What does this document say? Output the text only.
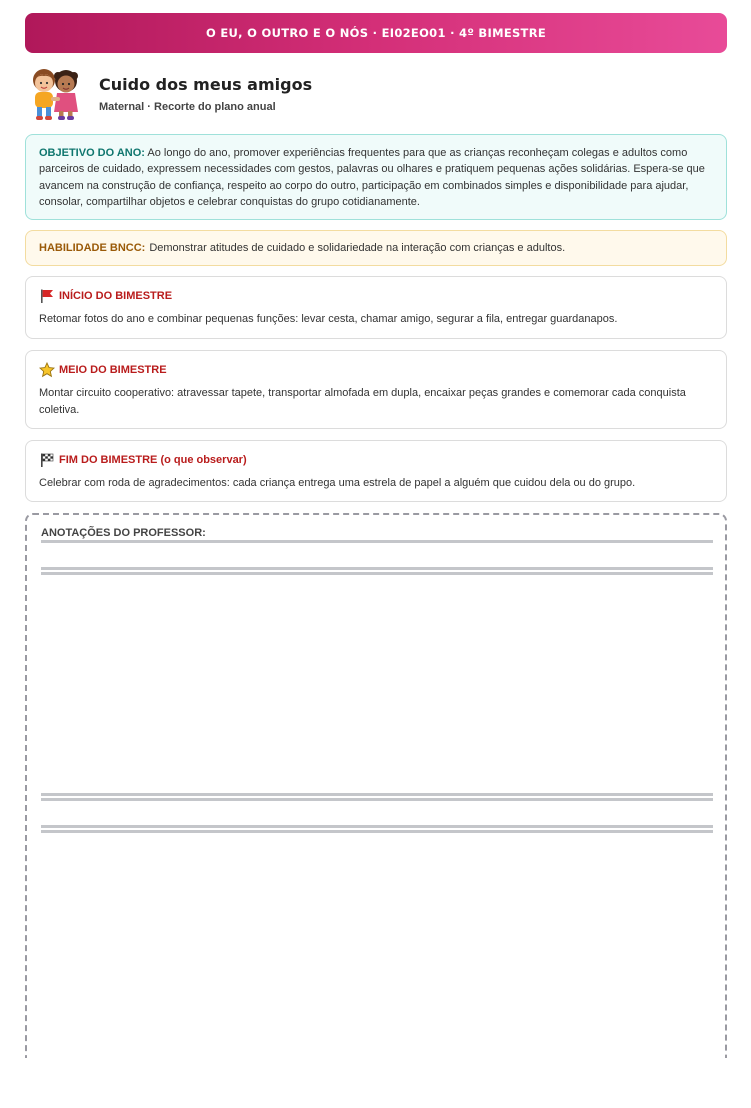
O EU, O OUTRO E O NÓS · EI02EO01 · 4º BIMESTRE
Cuido dos meus amigos
Maternal · Recorte do plano anual
OBJETIVO DO ANO: Ao longo do ano, promover experiências frequentes para que as crianças reconheçam colegas e adultos como parceiros de cuidado, expressem necessidades com gestos, palavras ou olhares e pratiquem pequenas ações solidárias. Espera-se que avancem na construção de confiança, respeito ao corpo do outro, participação em combinados simples e disponibilidade para ajudar, consolar, compartilhar objetos e celebrar conquistas do grupo cotidianamente.
HABILIDADE BNCC: Demonstrar atitudes de cuidado e solidariedade na interação com crianças e adultos.
INÍCIO DO BIMESTRE
Retomar fotos do ano e combinar pequenas funções: levar cesta, chamar amigo, segurar a fila, entregar guardanapos.
MEIO DO BIMESTRE
Montar circuito cooperativo: atravessar tapete, transportar almofada em dupla, encaixar peças grandes e comemorar cada conquista coletiva.
FIM DO BIMESTRE (o que observar)
Celebrar com roda de agradecimentos: cada criança entrega uma estrela de papel a alguém que cuidou dela ou do grupo.
ANOTAÇÕES DO PROFESSOR:
